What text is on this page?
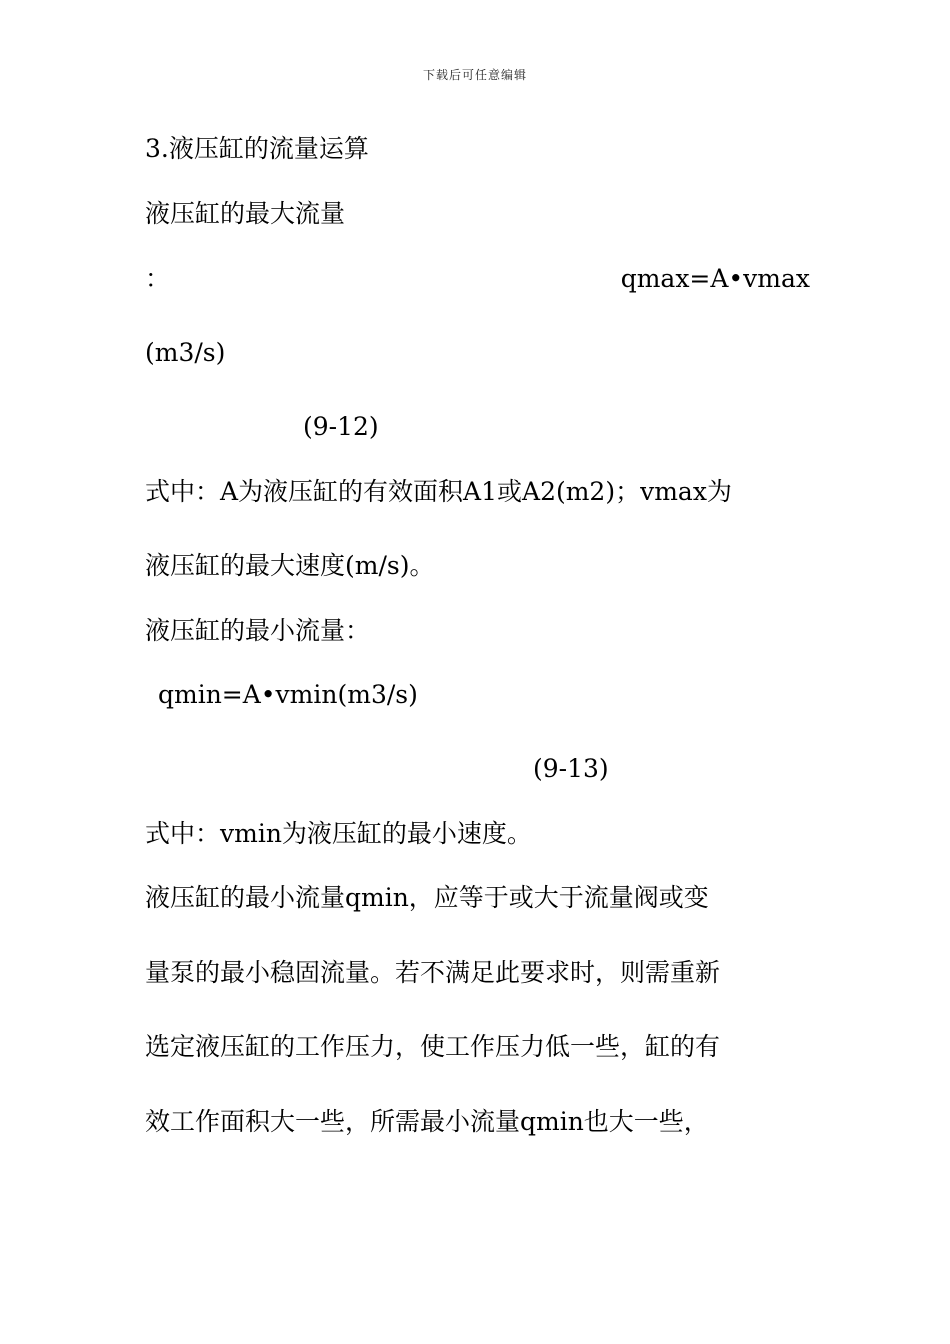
下载后可任意编辑
3.液压缸的流量运算
液压缸的最大流量
：	qmax=A•vmax
(m3/s)
(9-12)
式中：A为液压缸的有效面积A1或A2(m2)；vmax为
液压缸的最大速度(m/s)。
液压缸的最小流量：
qmin=A•vmin(m3/s)
(9-13)
式中：vmin为液压缸的最小速度。
液压缸的最小流量qmin，应等于或大于流量阀或变
量泵的最小稳固流量。若不满足此要求时，则需重新
选定液压缸的工作压力，使工作压力低一些，缸的有
效工作面积大一些，所需最小流量qmin也大一些，
